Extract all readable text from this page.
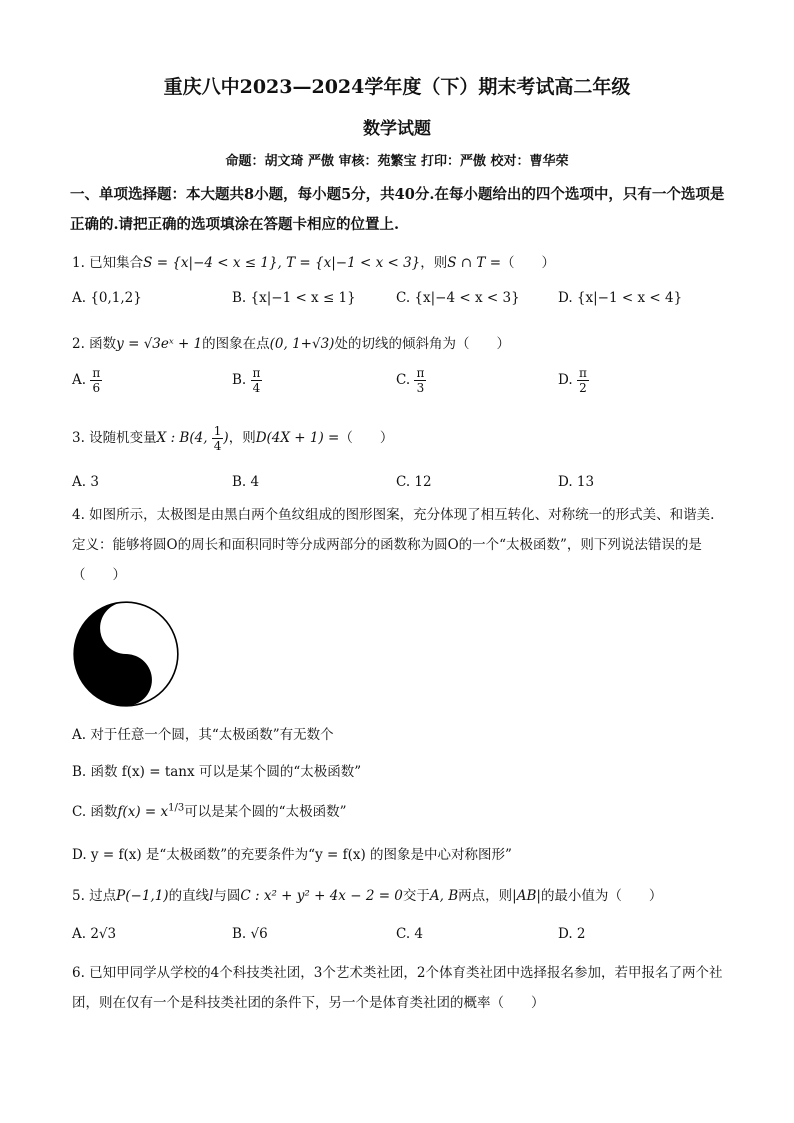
重庆八中2023—2024学年度（下）期末考试高二年级
数学试题
命题：胡文琦 严傲 审核：苑繁宝 打印：严傲 校对：曹华荣
一、单项选择题：本大题共8小题，每小题5分，共40分.在每小题给出的四个选项中，只有一个选项是正确的.请把正确的选项填涂在答题卡相应的位置上.
1. 已知集合S = {x|−4 < x ≤ 1}, T = {x|−1 < x < 3}，则S ∩ T =（　　）
A. {0,1,2}	B. {x|−1 < x ≤ 1}	C. {x|−4 < x < 3}	D. {x|−1 < x < 4}
2. 函数y = √3eˣ + 1的图象在点(0, 1+√3)处的切线的倾斜角为（　　）
A. $\frac{\pi}{6}$	B. $\frac{\pi}{4}$	C. $\frac{\pi}{3}$	D. $\frac{\pi}{2}$
3. 设随机变量X : B(4, $\frac{1}{4}$ )，则D(4X + 1) =（　　）
A. 3	B. 4	C. 12	D. 13
4. 如图所示，太极图是由黑白两个鱼纹组成的图形图案，充分体现了相互转化、对称统一的形式美、和谐美. 定义：能够将圆O的周长和面积同时等分成两部分的函数称为圆O的一个“太极函数”，则下列说法错误的是（　　）
A. 对于任意一个圆，其“太极函数”有无数个
B. 函数 f(x) = tanx 可以是某个圆的“太极函数”
C. 函数$f(x) = x^{1/3}$可以是某个圆的“太极函数”
D. y = f(x) 是“太极函数”的充要条件为“y = f(x) 的图象是中心对称图形”
5. 过点P(−1,1)的直线l与圆C : x² + y² + 4x − 2 = 0交于A, B两点，则|AB|的最小值为（　　）
A. 2√3	B. √6	C. 4	D. 2
6. 已知甲同学从学校的4个科技类社团，3个艺术类社团，2个体育类社团中选择报名参加，若甲报名了两个社团，则在仅有一个是科技类社团的条件下，另一个是体育类社团的概率（　　）
